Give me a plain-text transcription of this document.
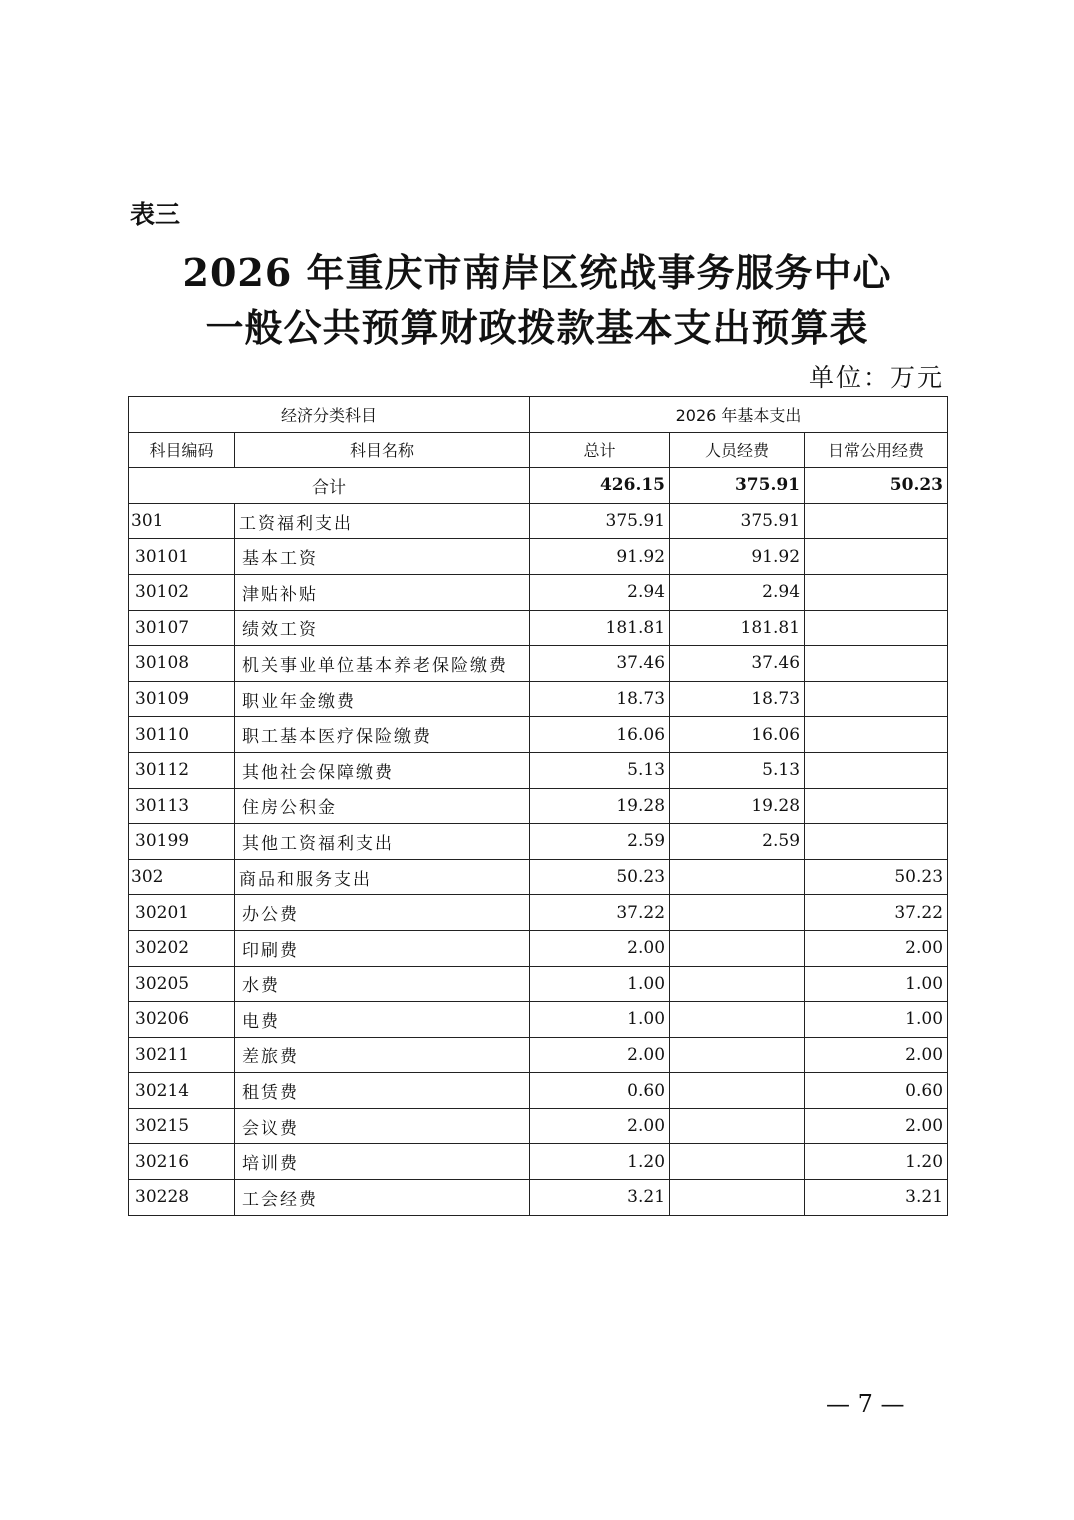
表三
2026 年重庆市南岸区统战事务服务中心
一般公共预算财政拨款基本支出预算表
单位：万元
经济分类科目		2026 年基本支出		
科目编码	科目名称	总计	人员经费	日常公用经费
合计		426.15	375.91	50.23
301	工资福利支出	375.91	375.91	
30101	基本工资	91.92	91.92	
30102	津贴补贴	2.94	2.94	
30107	绩效工资	181.81	181.81	
30108	机关事业单位基本养老保险缴费	37.46	37.46	
30109	职业年金缴费	18.73	18.73	
30110	职工基本医疗保险缴费	16.06	16.06	
30112	其他社会保障缴费	5.13	5.13	
30113	住房公积金	19.28	19.28	
30199	其他工资福利支出	2.59	2.59	
302	商品和服务支出	50.23		50.23
30201	办公费	37.22		37.22
30202	印刷费	2.00		2.00
30205	水费	1.00		1.00
30206	电费	1.00		1.00
30211	差旅费	2.00		2.00
30214	租赁费	0.60		0.60
30215	会议费	2.00		2.00
30216	培训费	1.20		1.20
30228	工会经费	3.21		3.21
— 7 —
